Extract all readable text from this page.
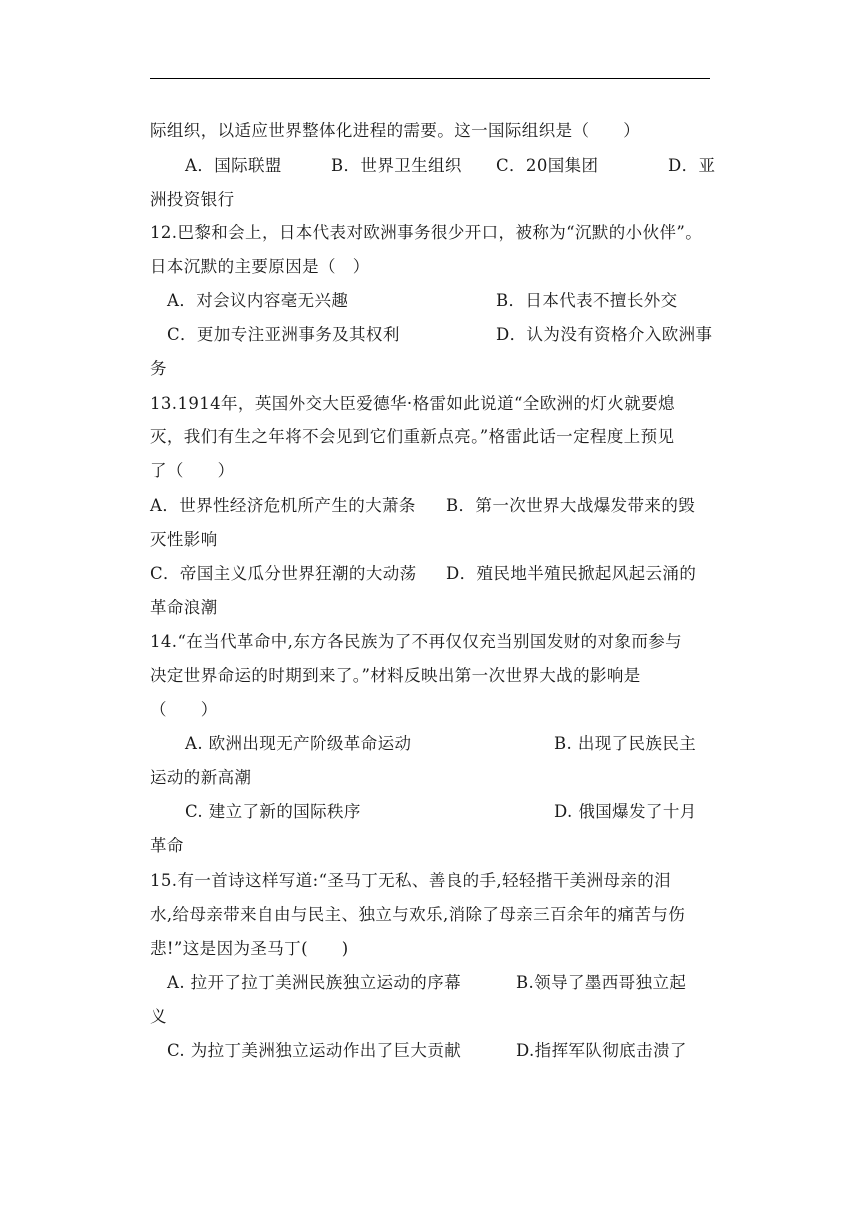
际组织，以适应世界整体化进程的需要。这一国际组织是（　　）

A．国际联盟

	B．世界卫生组织

C．20国集团

	D．亚

洲投资银行
12.巴黎和会上，日本代表对欧洲事务很少开口，被称为“沉默的小伙伴”。
日本沉默的主要原因是（　）

A．对会议内容毫无兴趣

	B．日本代表不擅长外交

C．更加专注亚洲事务及其权利

	D．认为没有资格介入欧洲事

务
13.1914年，英国外交大臣爱德华·格雷如此说道“全欧洲的灯火就要熄
灭，我们有生之年将不会见到它们重新点亮。”格雷此话一定程度上预见
了（　　）

A．世界性经济危机所产生的大萧条

B．第一次世界大战爆发带来的毁

灭性影响

C．帝国主义瓜分世界狂潮的大动荡

D．殖民地半殖民掀起风起云涌的

革命浪潮
14.“在当代革命中,东方各民族为了不再仅仅充当别国发财的对象而参与
决定世界命运的时期到来了。”材料反映出第一次世界大战的影响是
（　　）

A. 欧洲出现无产阶级革命运动

	B. 出现了民族民主

运动的新高潮

C. 建立了新的国际秩序

	D. 俄国爆发了十月

革命
15.有一首诗这样写道:“圣马丁无私、善良的手,轻轻揩干美洲母亲的泪
水,给母亲带来自由与民主、独立与欢乐,消除了母亲三百余年的痛苦与伤
悲!”这是因为圣马丁(　　)

A. 拉开了拉丁美洲民族独立运动的序幕

	B.领导了墨西哥独立起

义

C. 为拉丁美洲独立运动作出了巨大贡献

	D.指挥军队彻底击溃了
